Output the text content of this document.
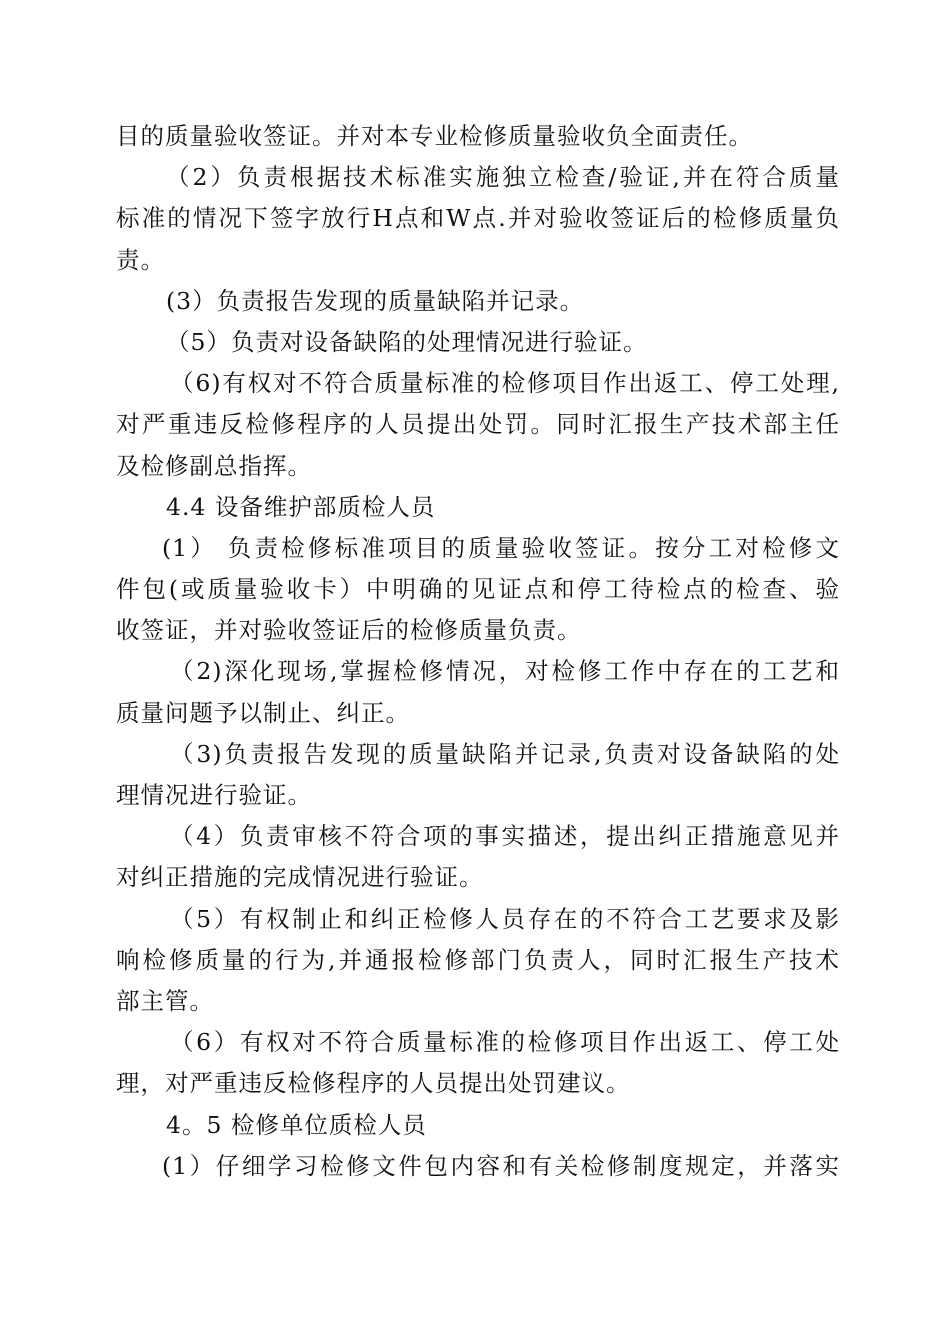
目的质量验收签证。并对本专业检修质量验收负全面责任。
（2）负责根据技术标准实施独立检查/验证,并在符合质量
标准的情况下签字放行H点和W点.并对验收签证后的检修质量负
责。
(3）负责报告发现的质量缺陷并记录。
（5）负责对设备缺陷的处理情况进行验证。
（6)有权对不符合质量标准的检修项目作出返工、停工处理,
对严重违反检修程序的人员提出处罚。同时汇报生产技术部主任
及检修副总指挥。
4.4 设备维护部质检人员
(1） 负责检修标准项目的质量验收签证。按分工对检修文
件包(或质量验收卡）中明确的见证点和停工待检点的检查、验
收签证，并对验收签证后的检修质量负责。
（2)深化现场,掌握检修情况，对检修工作中存在的工艺和
质量问题予以制止、纠正。
（3)负责报告发现的质量缺陷并记录,负责对设备缺陷的处
理情况进行验证。
（4）负责审核不符合项的事实描述，提出纠正措施意见并
对纠正措施的完成情况进行验证。
（5）有权制止和纠正检修人员存在的不符合工艺要求及影
响检修质量的行为,并通报检修部门负责人，同时汇报生产技术
部主管。
（6）有权对不符合质量标准的检修项目作出返工、停工处
理，对严重违反检修程序的人员提出处罚建议。
4。5 检修单位质检人员
(1）仔细学习检修文件包内容和有关检修制度规定，并落实
